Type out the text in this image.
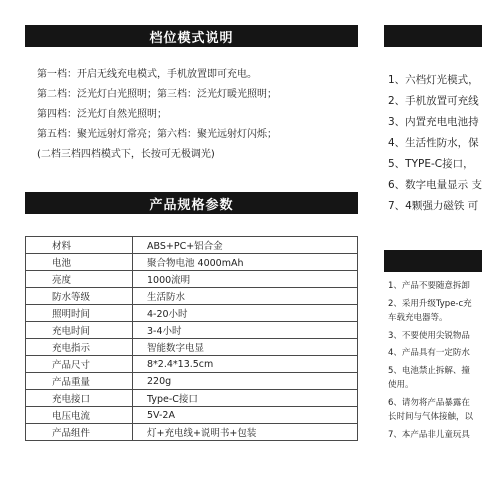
档位模式说明
第一档：开启无线充电模式，手机放置即可充电。
第二档：泛光灯白光照明；第三档：泛光灯暖光照明；
第四档：泛光灯自然光照明；
第五档：聚光远射灯常亮；第六档：聚光远射灯闪烁；
(二档三档四档模式下，长按可无极调光)
产品规格参数
材料	ABS+PC+铝合金
电池	聚合物电池 4000mAh
亮度	1000流明
防水等级	生活防水
照明时间	4-20小时
充电时间	3-4小时
充电指示	智能数字电显
产品尺寸	8*2.4*13.5cm
产品重量	220g
充电接口	Type-C接口
电压电流	5V-2A
产品组件	灯+充电线+说明书+包装
1、六档灯光模式，
2、手机放置可充线
3、内置充电电池持
4、生活性防水，保
5、TYPE-C接口，
6、数字电量显示 支
7、4颗强力磁铁 可
1、产品不要随意拆卸
2、采用升级Type-c充
车载充电器等。
3、不要使用尖锐物品
4、产品具有一定防水
5、电池禁止拆解、撞
使用。
6、请勿将产品暴露在
长时间与气体接触，以
7、本产品非儿童玩具
